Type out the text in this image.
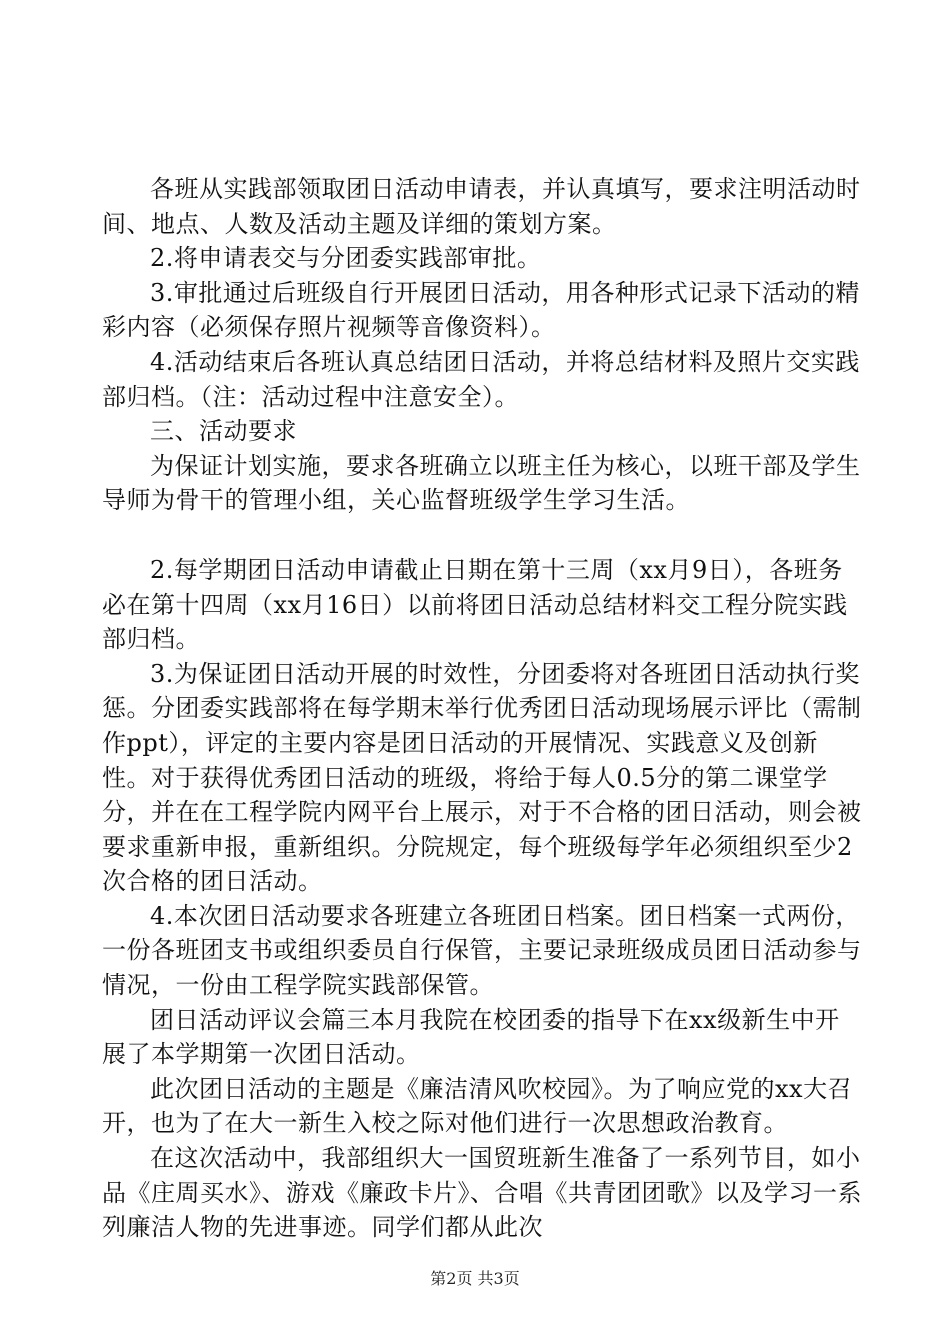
各班从实践部领取团日活动申请表，并认真填写，要求注明活动时间、地点、人数及活动主题及详细的策划方案。

2.将申请表交与分团委实践部审批。

3.审批通过后班级自行开展团日活动，用各种形式记录下活动的精彩内容（必须保存照片视频等音像资料）。

4.活动结束后各班认真总结团日活动，并将总结材料及照片交实践部归档。（注：活动过程中注意安全）。

三、活动要求

为保证计划实施，要求各班确立以班主任为核心，以班干部及学生导师为骨干的管理小组，关心监督班级学生学习生活。

2.每学期团日活动申请截止日期在第十三周（xx月9日），各班务必在第十四周（xx月16日）以前将团日活动总结材料交工程分院实践部归档。

3.为保证团日活动开展的时效性，分团委将对各班团日活动执行奖惩。分团委实践部将在每学期末举行优秀团日活动现场展示评比（需制作ppt），评定的主要内容是团日活动的开展情况、实践意义及创新性。对于获得优秀团日活动的班级，将给于每人0.5分的第二课堂学分，并在在工程学院内网平台上展示，对于不合格的团日活动，则会被要求重新申报，重新组织。分院规定，每个班级每学年必须组织至少2次合格的团日活动。

4.本次团日活动要求各班建立各班团日档案。团日档案一式两份，一份各班团支书或组织委员自行保管，主要记录班级成员团日活动参与情况，一份由工程学院实践部保管。

团日活动评议会篇三本月我院在校团委的指导下在xx级新生中开展了本学期第一次团日活动。

此次团日活动的主题是《廉洁清风吹校园》。为了响应党的xx大召开，也为了在大一新生入校之际对他们进行一次思想政治教育。

在这次活动中，我部组织大一国贸班新生准备了一系列节目，如小品《庄周买水》、游戏《廉政卡片》、合唱《共青团团歌》以及学习一系列廉洁人物的先进事迹。同学们都从此次

第2页 共3页
